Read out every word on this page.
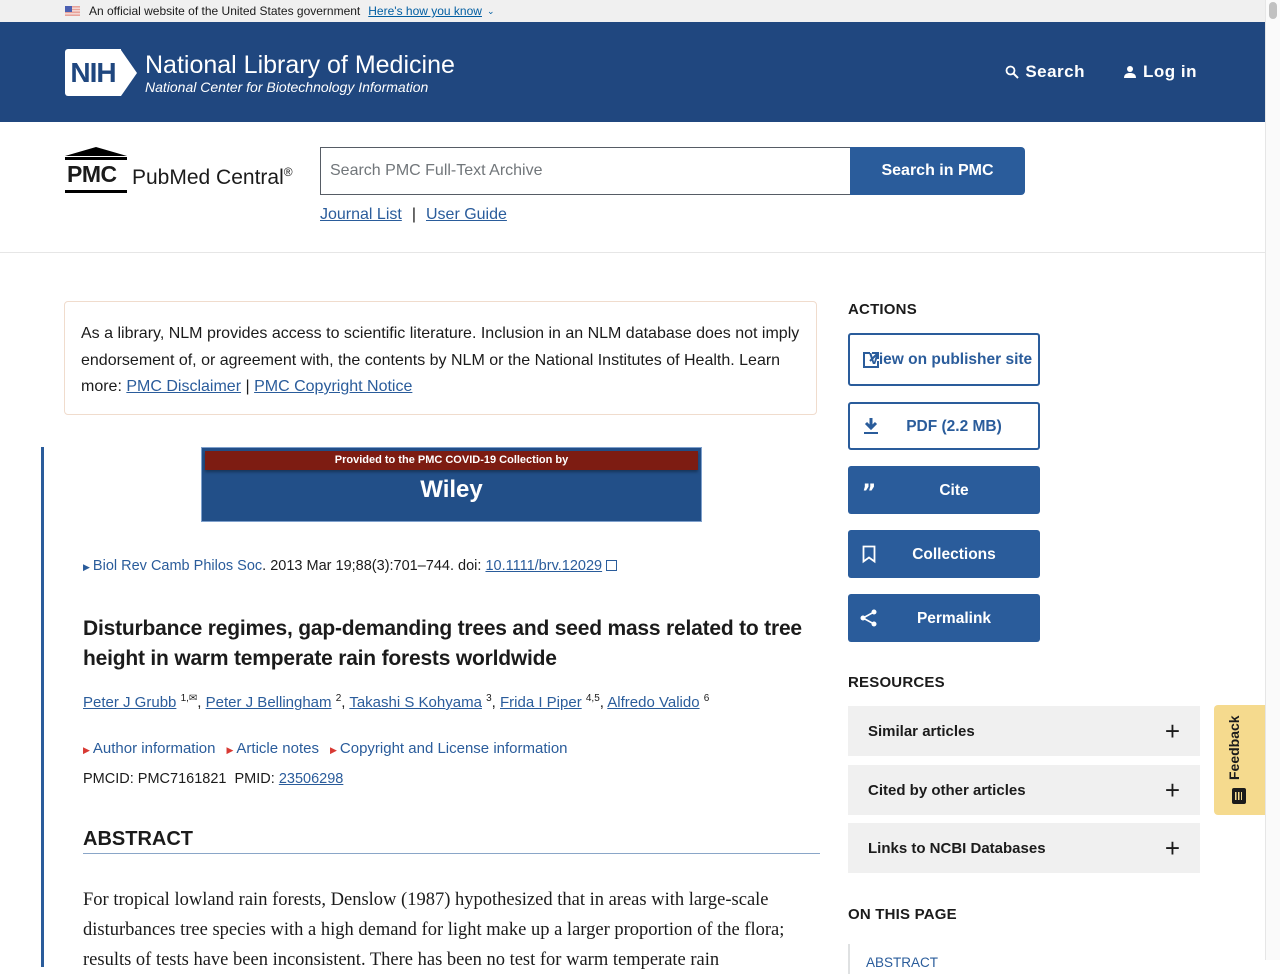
An official website of the United States government Here's how you know ⌄
NIH National Library of Medicine
National Center for Biotechnology Information
Search	Log in
PMC PubMed Central®
Search PMC Full-Text Archive	Search in PMC
Journal List | User Guide
As a library, NLM provides access to scientific literature. Inclusion in an NLM database does not imply endorsement of, or agreement with, the contents by NLM or the National Institutes of Health. Learn more: PMC Disclaimer | PMC Copyright Notice
Provided to the PMC COVID-19 Collection by
Wiley
▶ Biol Rev Camb Philos Soc. 2013 Mar 19;88(3):701–744. doi: 10.1111/brv.12029
Disturbance regimes, gap-demanding trees and seed mass related to tree height in warm temperate rain forests worldwide
Peter J Grubb $^{1,✉}$, Peter J Bellingham $^2$, Takashi S Kohyama $^3$, Frida I Piper $^{4,5}$, Alfredo Valido $^6$
▶ Author information ▶ Article notes ▶ Copyright and License information
PMCID: PMC7161821 PMID: 23506298
ABSTRACT

For tropical lowland rain forests, Denslow (1987) hypothesized that in areas with large-scale disturbances tree species with a high demand for light make up a larger proportion of the flora; results of tests have been inconsistent. There has been no test for warm temperate rain

ACTIONS
View on publisher site
PDF (2.2 MB)
”	Cite
Collections
Permalink
RESOURCES
Similar articles	+
Cited by other articles	+
Links to NCBI Databases	+
ON THIS PAGE
$_{ABSTRACT}$
Feedback
